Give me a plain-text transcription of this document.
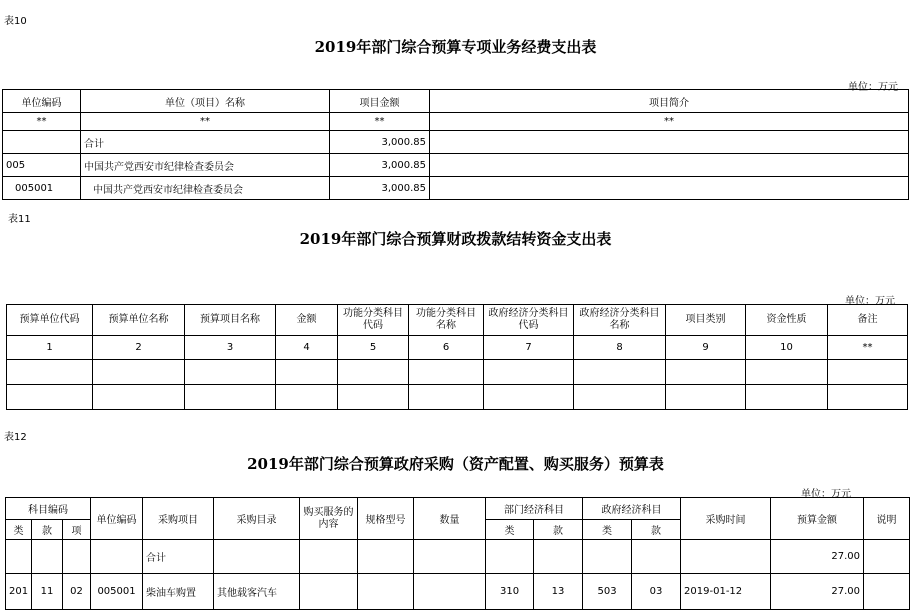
表10
2019年部门综合预算专项业务经费支出表
单位：万元
单位编码	单位（项目）名称	项目金额	项目简介
**	**	**	**
	合计	3,000.85	
005	中国共产党西安市纪律检查委员会	3,000.85	
005001	中国共产党西安市纪律检查委员会	3,000.85	
表11
2019年部门综合预算财政拨款结转资金支出表
单位：万元
预算单位代码	预算单位名称	预算项目名称	金额	功能分类科目代码	功能分类科目名称	政府经济分类科目代码	政府经济分类科目名称	项目类别	资金性质	备注
1	2	3	4	5	6	7	8	9	10	**

表12
2019年部门综合预算政府采购（资产配置、购买服务）预算表
单位：万元
科目编码			单位编码	采购项目	采购目录	购买服务的内容	规格型号	数量	部门经济科目		政府经济科目		采购时间	预算金额	说明
类	款	项							类	款	类	款			
				合计										27.00	
201	11	02	005001	柴油车购置	其他载客汽车				310	13	503	03	2019-01-12	27.00	
